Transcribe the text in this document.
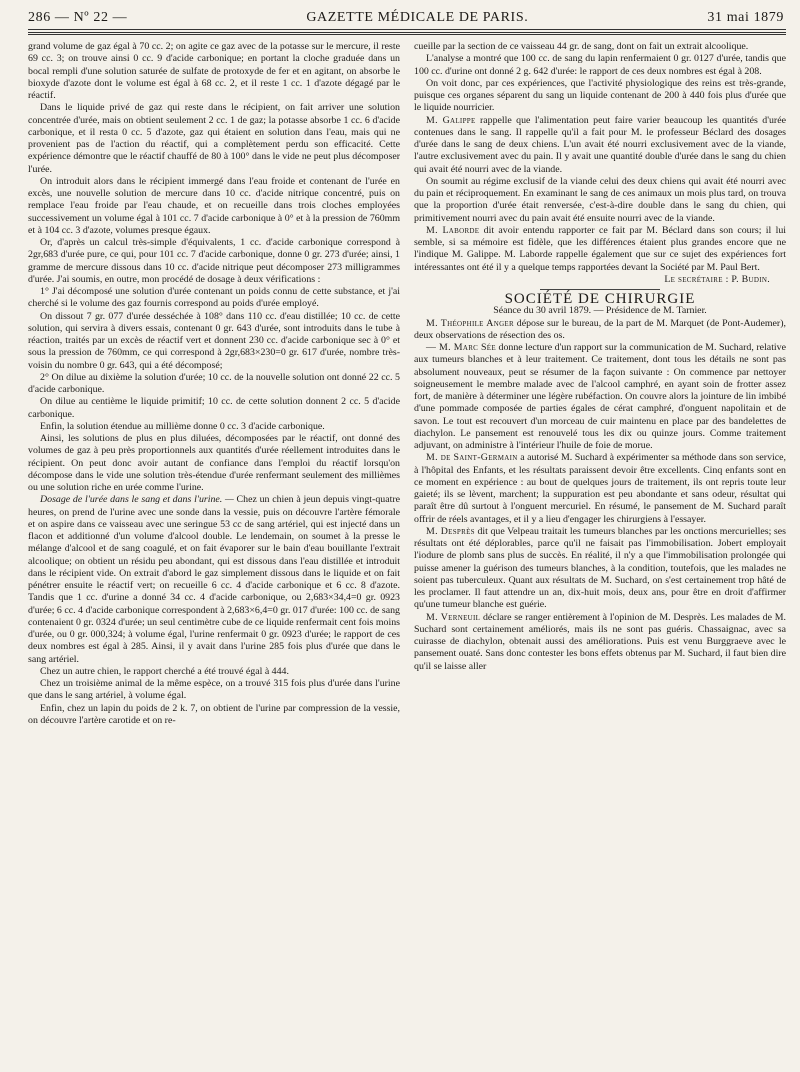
286 — Nº 22 —	GAZETTE MÉDICALE DE PARIS.	31 mai 1879

grand volume de gaz égal à 70 cc. 2; on agite ce gaz avec de la potasse sur le mercure, il reste 69 cc. 3; on trouve ainsi 0 cc. 9 d'acide carbonique; en portant la cloche graduée dans un bocal rempli d'une solution saturée de sulfate de protoxyde de fer et en agitant, on absorbe le bioxyde d'azote dont le volume est égal à 68 cc. 2, et il reste 1 cc. 1 d'azote dégagé par le réactif.

Dans le liquide privé de gaz qui reste dans le récipient, on fait arriver une solution concentrée d'urée, mais on obtient seulement 2 cc. 1 de gaz; la potasse absorbe 1 cc. 6 d'acide carbonique, et il resta 0 cc. 5 d'azote, gaz qui étaient en solution dans l'eau, mais qui ne provenient pas de l'action du réactif, qui a complètement perdu son efficacité. Cette expérience démontre que le réactif chauffé de 80 à 100° dans le vide ne peut plus décomposer l'urée.

On introduit alors dans le récipient immergé dans l'eau froide et contenant de l'urée en excès, une nouvelle solution de mercure dans 10 cc. d'acide nitrique concentré, puis on remplace l'eau froide par l'eau chaude, et on recueille dans trois cloches employées successivement un volume égal à 101 cc. 7 d'acide carbonique à 0° et à la pression de 760mm et à 104 cc. 3 d'azote, volumes presque égaux.

Or, d'après un calcul très-simple d'équivalents, 1 cc. d'acide carbonique correspond à 2gr,683 d'urée pure, ce qui, pour 101 cc. 7 d'acide carbonique, donne 0 gr. 273 d'urée; ainsi, 1 gramme de mercure dissous dans 10 cc. d'acide nitrique peut décomposer 273 milligrammes d'urée. J'ai soumis, en outre, mon procédé de dosage à deux vérifications :

1° J'ai décomposé une solution d'urée contenant un poids connu de cette substance, et j'ai cherché si le volume des gaz fournis correspond au poids d'urée employé.

On dissout 7 gr. 077 d'urée desséchée à 108° dans 110 cc. d'eau distillée; 10 cc. de cette solution, qui servira à divers essais, contenant 0 gr. 643 d'urée, sont introduits dans le tube à réaction, traités par un excès de réactif vert et donnent 230 cc. d'acide carbonique sec à 0° et sous la pression de 760mm, ce qui correspond à 2gr,683×230=0 gr. 617 d'urée, nombre très-voisin du nombre 0 gr. 643, qui a été décomposé;

2° On dilue au dixième la solution d'urée; 10 cc. de la nouvelle solution ont donné 22 cc. 5 d'acide carbonique.

On dilue au centième le liquide primitif; 10 cc. de cette solution donnent 2 cc. 5 d'acide carbonique.

Enfin, la solution étendue au millième donne 0 cc. 3 d'acide carbonique.

Ainsi, les solutions de plus en plus diluées, décomposées par le réactif, ont donné des volumes de gaz à peu près proportionnels aux quantités d'urée réellement introduites dans le récipient. On peut donc avoir autant de confiance dans l'emploi du réactif lorsqu'on décompose dans le vide une solution très-étendue d'urée renfermant seulement des millièmes ou une solution riche en urée comme l'urine.

Dosage de l'urée dans le sang et dans l'urine. — Chez un chien à jeun depuis vingt-quatre heures, on prend de l'urine avec une sonde dans la vessie, puis on découvre l'artère fémorale et on aspire dans ce vaisseau avec une seringue 53 cc de sang artériel, qui est injecté dans un flacon et additionné d'un volume d'alcool double. Le lendemain, on soumet à la presse le mélange d'alcool et de sang coagulé, et on fait évaporer sur le bain d'eau bouillante l'extrait alcoolique; on obtient un résidu peu abondant, qui est dissous dans l'eau distillée et introduit dans le récipient vide. On extrait d'abord le gaz simplement dissous dans le liquide et on fait pénétrer ensuite le réactif vert; on recueille 6 cc. 4 d'acide carbonique et 6 cc. 8 d'azote. Tandis que 1 cc. d'urine a donné 34 cc. 4 d'acide carbonique, ou 2,683×34,4=0 gr. 0923 d'urée; 6 cc. 4 d'acide carbonique correspondent à 2,683×6,4=0 gr. 017 d'urée: 100 cc. de sang contenaient 0 gr. 0324 d'urée; un seul centimètre cube de ce liquide renfermait cent fois moins d'urée, ou 0 gr. 000,324; à volume égal, l'urine renfermait 0 gr. 0923 d'urée; le rapport de ces deux nombres est égal à 285. Ainsi, il y avait dans l'urine 285 fois plus d'urée que dans le sang artériel.

Chez un autre chien, le rapport cherché a été trouvé égal à 444.

Chez un troisième animal de la même espèce, on a trouvé 315 fois plus d'urée dans l'urine que dans le sang artériel, à volume égal.

Enfin, chez un lapin du poids de 2 k. 7, on obtient de l'urine par compression de la vessie, on découvre l'artère carotide et on re-

cueille par la section de ce vaisseau 44 gr. de sang, dont on fait un extrait alcoolique.

L'analyse a montré que 100 cc. de sang du lapin renfermaient 0 gr. 0127 d'urée, tandis que 100 cc. d'urine ont donné 2 g. 642 d'urée: le rapport de ces deux nombres est égal à 208.

On voit donc, par ces expériences, que l'activité physiologique des reins est très-grande, puisque ces organes séparent du sang un liquide contenant de 200 à 440 fois plus d'urée que le liquide nourricier.

M. Galippe rappelle que l'alimentation peut faire varier beaucoup les quantités d'urée contenues dans le sang. Il rappelle qu'il a fait pour M. le professeur Béclard des dosages d'urée dans le sang de deux chiens. L'un avait été nourri exclusivement avec de la viande, l'autre exclusivement avec du pain. Il y avait une quantité double d'urée dans le sang du chien qui avait été nourri avec de la viande.

On soumit au régime exclusif de la viande celui des deux chiens qui avait été nourri avec du pain et réciproquement. En examinant le sang de ces animaux un mois plus tard, on trouva que la proportion d'urée était renversée, c'est-à-dire double dans le sang du chien, qui primitivement nourri avec du pain avait été ensuite nourri avec de la viande.

M. Laborde dit avoir entendu rapporter ce fait par M. Béclard dans son cours; il lui semble, si sa mémoire est fidèle, que les différences étaient plus grandes encore que ne l'indique M. Galippe. M. Laborde rappelle également que sur ce sujet des expériences fort intéressantes ont été il y a quelque temps rapportées devant la Société par M. Paul Bert.

Le secrétaire : P. Budin.

SOCIÉTÉ DE CHIRURGIE

Séance du 30 avril 1879. — Présidence de M. Tarnier.

M. Théophile Anger dépose sur le bureau, de la part de M. Marquet (de Pont-Audemer), deux observations de résection des os.

— M. Marc Sée donne lecture d'un rapport sur la communication de M. Suchard, relative aux tumeurs blanches et à leur traitement. Ce traitement, dont tous les détails ne sont pas absolument nouveaux, peut se résumer de la façon suivante : On commence par nettoyer soigneusement le membre malade avec de l'alcool camphré, en ayant soin de frotter assez fort, de manière à déterminer une légère rubéfaction. On couvre alors la jointure de lin imbibé d'une pommade composée de parties égales de cérat camphré, d'onguent napolitain et de savon. Le tout est recouvert d'un morceau de cuir maintenu en place par des bandelettes de diachylon. Le pansement est renouvelé tous les dix ou quinze jours. Comme traitement adjuvant, on administre à l'intérieur l'huile de foie de morue.

M. de Saint-Germain a autorisé M. Suchard à expérimenter sa méthode dans son service, à l'hôpital des Enfants, et les résultats paraissent devoir être excellents. Cinq enfants sont en ce moment en expérience : au bout de quelques jours de traitement, ils ont repris toute leur gaieté; ils se lèvent, marchent; la suppuration est peu abondante et sans odeur, résultat qui paraît être dû surtout à l'onguent mercuriel. En résumé, le pansement de M. Suchard paraît offrir de réels avantages, et il y a lieu d'engager les chirurgiens à l'essayer.

M. Desprès dit que Velpeau traitait les tumeurs blanches par les onctions mercurielles; ses résultats ont été déplorables, parce qu'il ne faisait pas l'immobilisation. Jobert employait l'iodure de plomb sans plus de succès. En réalité, il n'y a que l'immobilisation prolongée qui puisse amener la guérison des tumeurs blanches, à la condition, toutefois, que les malades ne soient pas tuberculeux. Quant aux résultats de M. Suchard, on s'est certainement trop hâté de les proclamer. Il faut attendre un an, dix-huit mois, deux ans, pour être en droit d'affirmer qu'une tumeur blanche est guérie.

M. Verneuil déclare se ranger entièrement à l'opinion de M. Desprès. Les malades de M. Suchard sont certainement améliorés, mais ils ne sont pas guéris. Chassaignac, avec sa cuirasse de diachylon, obtenait aussi des améliorations. Puis est venu Burggraeve avec le pansement ouaté. Sans donc contester les bons effets obtenus par M. Suchard, il faut bien dire qu'il se laisse aller
